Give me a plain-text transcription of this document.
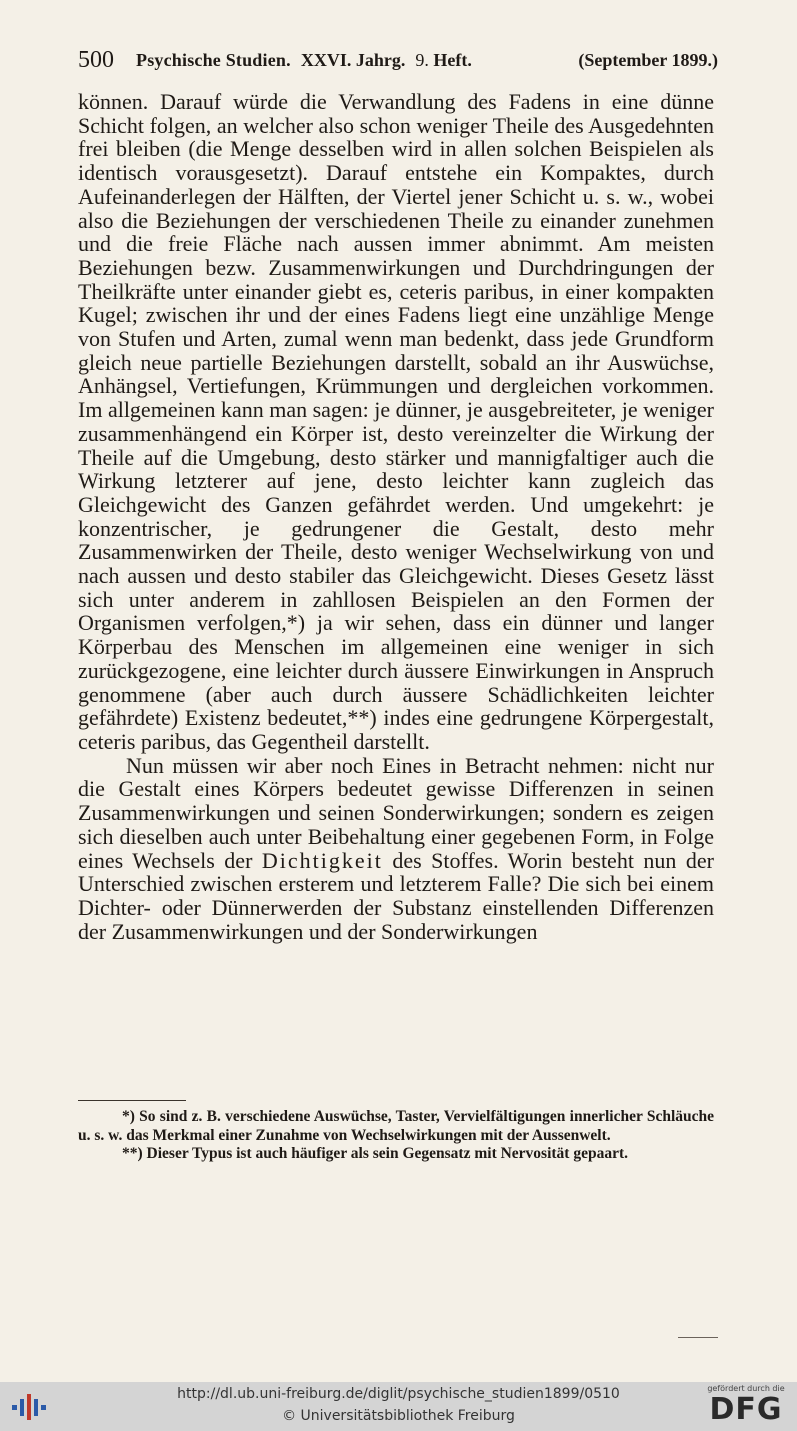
500	Psychische Studien. XXVI. Jahrg. 9. Heft.	(September 1899.)

können. Darauf würde die Verwandlung des Fadens in eine dünne Schicht folgen, an welcher also schon weniger Theile des Ausgedehnten frei bleiben (die Menge desselben wird in allen solchen Beispielen als identisch vorausgesetzt). Darauf entstehe ein Kompaktes, durch Aufeinanderlegen der Hälften, der Viertel jener Schicht u. s. w., wobei also die Beziehungen der verschiedenen Theile zu einander zunehmen und die freie Fläche nach aussen immer abnimmt. Am meisten Beziehungen bezw. Zusammenwirkungen und Durchdringungen der Theilkräfte unter einander giebt es, ceteris paribus, in einer kompakten Kugel; zwischen ihr und der eines Fadens liegt eine unzählige Menge von Stufen und Arten, zumal wenn man bedenkt, dass jede Grundform gleich neue partielle Beziehungen darstellt, sobald an ihr Auswüchse, Anhängsel, Vertiefungen, Krümmungen und dergleichen vorkommen. Im allgemeinen kann man sagen: je dünner, je ausgebreiteter, je weniger zusammenhängend ein Körper ist, desto vereinzelter die Wirkung der Theile auf die Umgebung, desto stärker und mannigfaltiger auch die Wirkung letzterer auf jene, desto leichter kann zugleich das Gleichgewicht des Ganzen gefährdet werden. Und umgekehrt: je konzentrischer, je gedrungener die Gestalt, desto mehr Zusammenwirken der Theile, desto weniger Wechselwirkung von und nach aussen und desto stabiler das Gleichgewicht. Dieses Gesetz lässt sich unter anderem in zahllosen Beispielen an den Formen der Organismen verfolgen,*) ja wir sehen, dass ein dünner und langer Körperbau des Menschen im allgemeinen eine weniger in sich zurückgezogene, eine leichter durch äussere Einwirkungen in Anspruch genommene (aber auch durch äussere Schädlichkeiten leichter gefährdete) Existenz bedeutet,**) indes eine gedrungene Körpergestalt, ceteris paribus, das Gegentheil darstellt.

Nun müssen wir aber noch Eines in Betracht nehmen: nicht nur die Gestalt eines Körpers bedeutet gewisse Differenzen in seinen Zusammenwirkungen und seinen Sonderwirkungen; sondern es zeigen sich dieselben auch unter Beibehaltung einer gegebenen Form, in Folge eines Wechsels der Dichtigkeit des Stoffes. Worin besteht nun der Unterschied zwischen ersterem und letzterem Falle? Die sich bei einem Dichter- oder Dünnerwerden der Substanz einstellenden Differenzen der Zusammenwirkungen und der Sonderwirkungen

*) So sind z. B. verschiedene Auswüchse, Taster, Vervielfältigungen innerlicher Schläuche u. s. w. das Merkmal einer Zunahme von Wechselwirkungen mit der Aussenwelt.

**) Dieser Typus ist auch häufiger als sein Gegensatz mit Nervosität gepaart.

http://dl.ub.uni-freiburg.de/diglit/psychische_studien1899/0510
© Universitätsbibliothek Freiburg
gefördert durch die
DFG
